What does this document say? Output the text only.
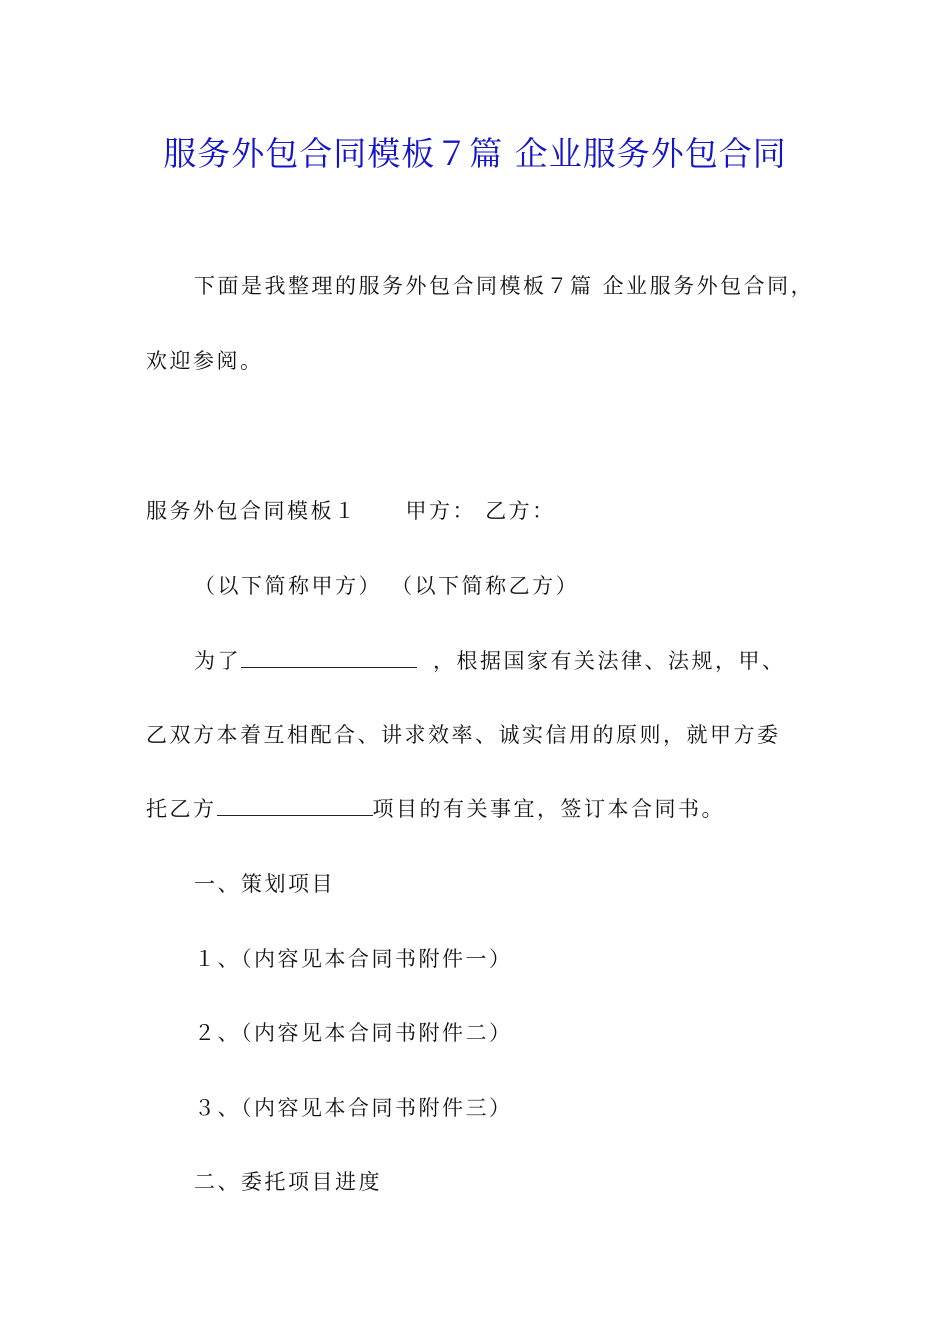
服务外包合同模板７篇 企业服务外包合同
下面是我整理的服务外包合同模板７篇 企业服务外包合同，
欢迎参阅。
服务外包合同模板１ 甲方： 乙方：
（以下简称甲方） （以下简称乙方）
为了	，根据国家有关法律、法规，甲、
乙双方本着互相配合、讲求效率、诚实信用的原则，就甲方委
托乙方	项目的有关事宜，签订本合同书。
一、策划项目
１、（内容见本合同书附件一）
２、（内容见本合同书附件二）
３、（内容见本合同书附件三）
二、委托项目进度
